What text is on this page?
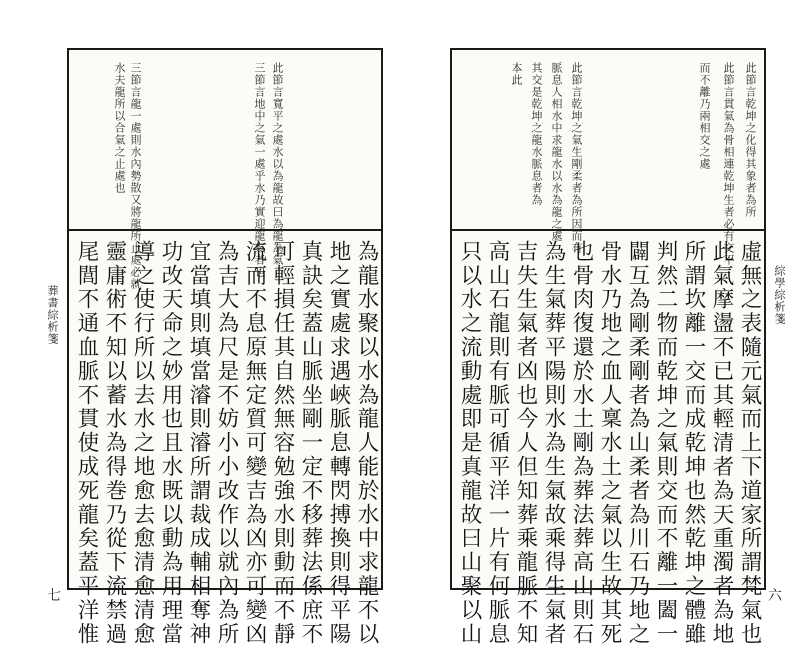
此節言寬平之處水以為龍故曰為龍為氣
三節言地中之氣一處乎水乃實迎龍氣者也
三節言龍一處則水內勢散又將龍所止處必就
水夫龍所以合氣之止處也
為龍水聚以水為龍人能於水中求龍不以
地之實處求遇峽脈息轉閃搏換則得平陽
真訣矣蓋山脈坐剛一定不移葬法係庶不
可輕損任其自然無容勉強水則動而不靜
流而不息原無定質可變吉為凶亦可變凶
為吉大為尺是不妨小小改作以就內為所
宜當填則填當濬則濬所謂裁成輔相奪神
功改天命之妙用也且水既以動為用理當
導之使行所以去水之地愈去愈清愈清愈
靈庸術不知以蓄水為得巻乃從下流禁過
尾閭不通血脈不貫使成死龍矣蓋平洋惟
葬書綜析箋
七
此節言乾坤之化得其象者為所
此節言貫氣為骨相連乾坤生者必有交不
而不離乃兩相交之處
此節言乾坤之氣生剛柔者為所因而有
脈息人相水中求龍水以水為龍之處
其交是乾坤之龍水脈息者為
本此
虛無之表隨元氣而上下道家所謂梵氣也
此氣摩盪不已其輕清者為天重濁者為地
所謂坎離一交而成乾坤也然乾坤之體雖
判然二物而乾坤之氣則交而不離一闔一
闢互為剛柔剛者為山柔者為川石乃地之
骨水乃地之血人稟水土之氣以生故其死
也骨肉復還於水土剛為葬法葬高山則石
為生氣葬平陽則水為生氣故乘得生氣者
吉失生氣者凶也今人但知葬乘龍脈不知
高山石龍則有脈可循平洋一片有何脈息
只以水之流動處即是真龍故曰山聚以山	綜學綜析箋
六
